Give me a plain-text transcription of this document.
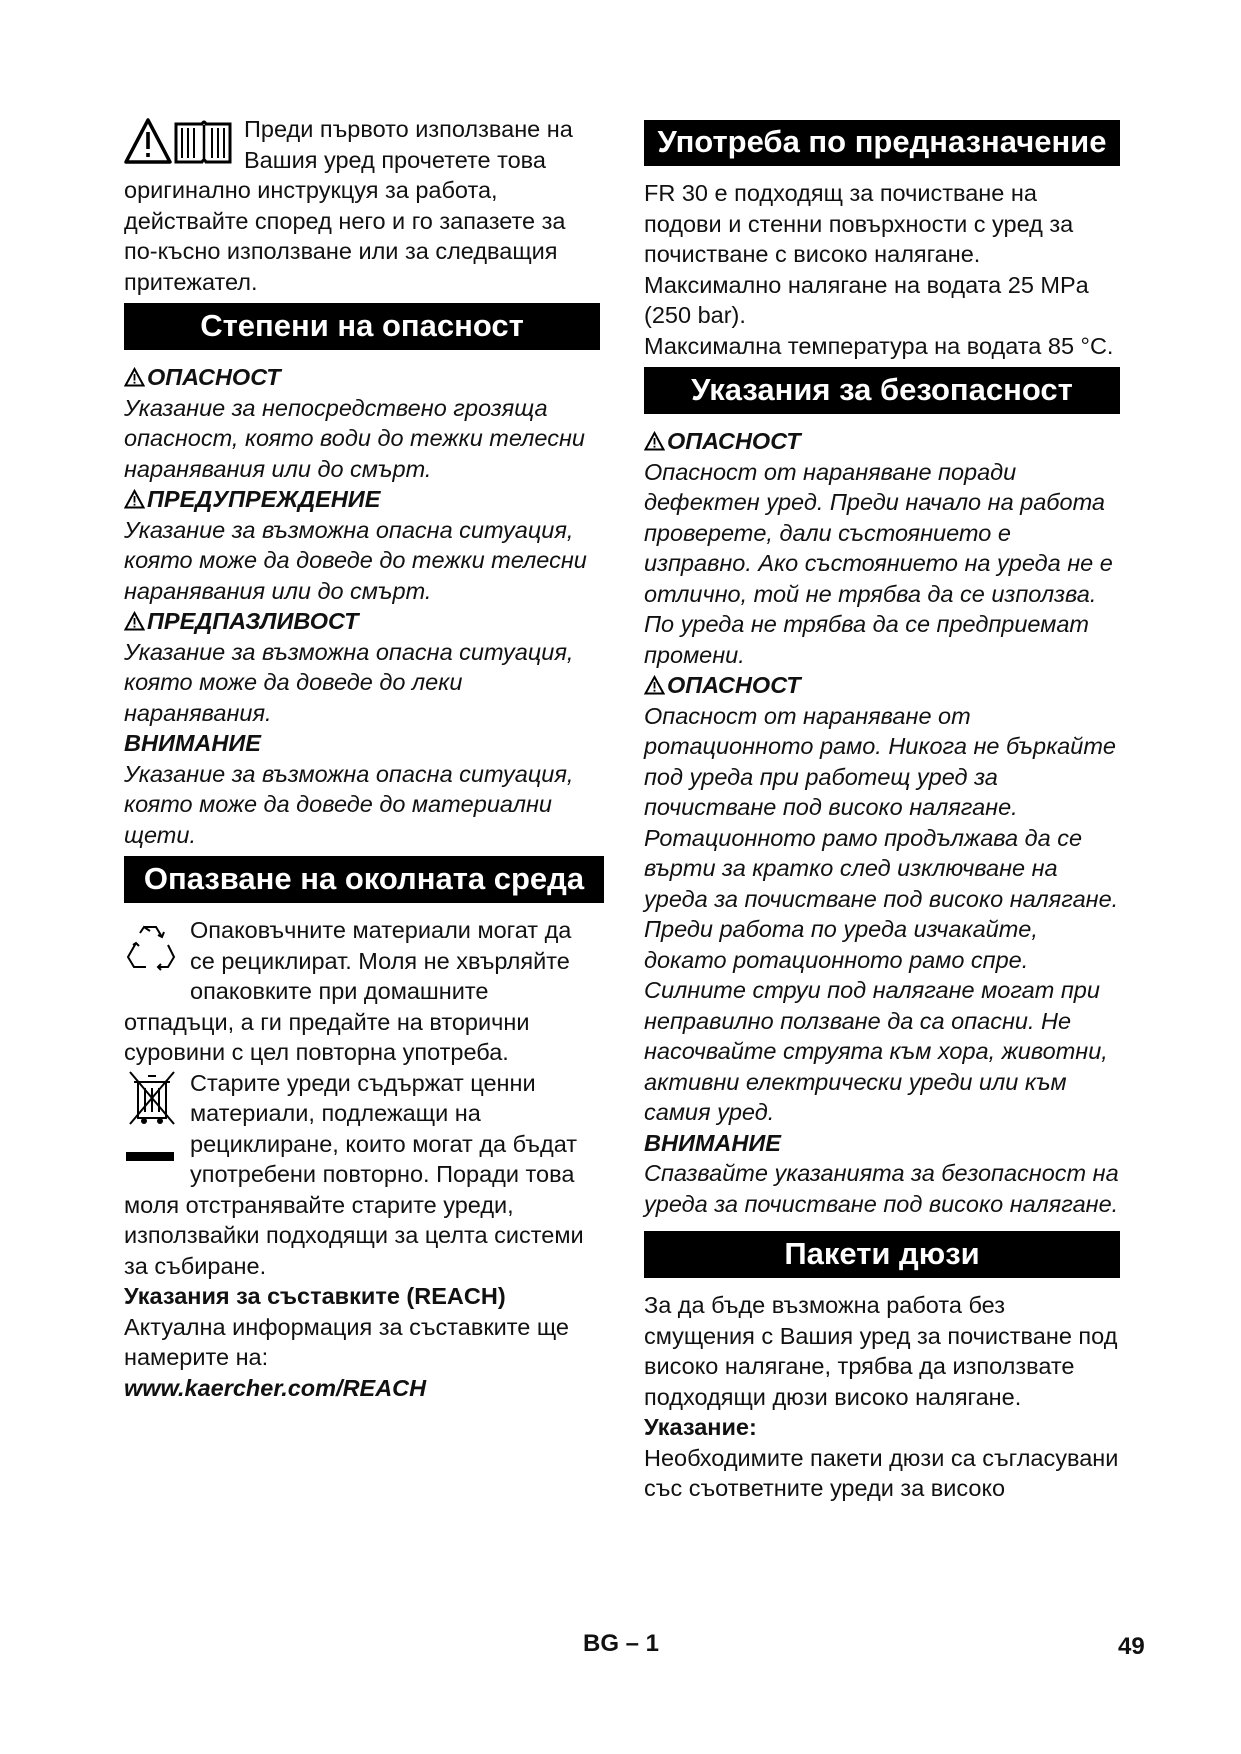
Преди първото използване на Вашия уред прочетете това оригинално инструкцуя за работа, действайте според него и го запазете за по-късно използване или за следващия притежател.

Степени на опасност
ОПАСНОСТ

Указание за непосредствено грозяща опасност, която води до тежки телесни наранявания или до смърт.

ПРЕДУПРЕЖДЕНИЕ

Указание за възможна опасна ситуация, която може да доведе до тежки телесни наранявания или до смърт.

ПРЕДПАЗЛИВОСТ

Указание за възможна опасна ситуация, която може да доведе до леки наранявания.

ВНИМАНИЕ

Указание за възможна опасна ситуация, която може да доведе до материални щети.

Опазване на околната среда

Опаковъчните материали могат да се рециклират. Моля не хвърляйте опаковките при домашните отпадъци, а ги предайте на вторични суровини с цел повторна употреба.

Старите уреди съдържат ценни материали, подлежащи на рециклиране, които могат да бъдат употребени повторно. Поради това моля отстранявайте старите уреди, използвайки подходящи за целта системи за събиране.

Указания за съставките (REACH)

Актуална информация за съставките ще намерите на:

www.kaercher.com/REACH

Употреба по предназначение

FR 30 е подходящ за почистване на подови и стенни повърхности с уред за почистване с високо налягане.

Максимално налягане на водата 25 MPa (250 bar).

Максимална температура на водата 85 °C.

Указания за безопасност
ОПАСНОСТ

Опасност от нараняване поради дефектен уред. Преди начало на работа проверете, дали състоянието е изправно. Ако състоянието на уреда не е отлично, той не трябва да се използва.

По уреда не трябва да се предприемат промени.

ОПАСНОСТ

Опасност от нараняване от ротационното рамо. Никога не бъркайте под уреда при работещ уред за почистване под високо налягане.

Ротационното рамо продължава да се върти за кратко след изключване на уреда за почистване под високо налягане. Преди работа по уреда изчакайте, докато ротационното рамо спре.

Силните струи под налягане могат при неправилно ползване да са опасни. Не насочвайте струята към хора, животни, активни електрически уреди или към самия уред.

ВНИМАНИЕ

Спазвайте указанията за безопасност на уреда за почистване под високо налягане.

Пакети дюзи

За да бъде възможна работа без смущения с Вашия уред за почистване под високо налягане, трябва да използвате подходящи дюзи високо налягане.

Указание:

Необходимите пакети дюзи са съгласувани със съответните уреди за високо

BG – 1	49
